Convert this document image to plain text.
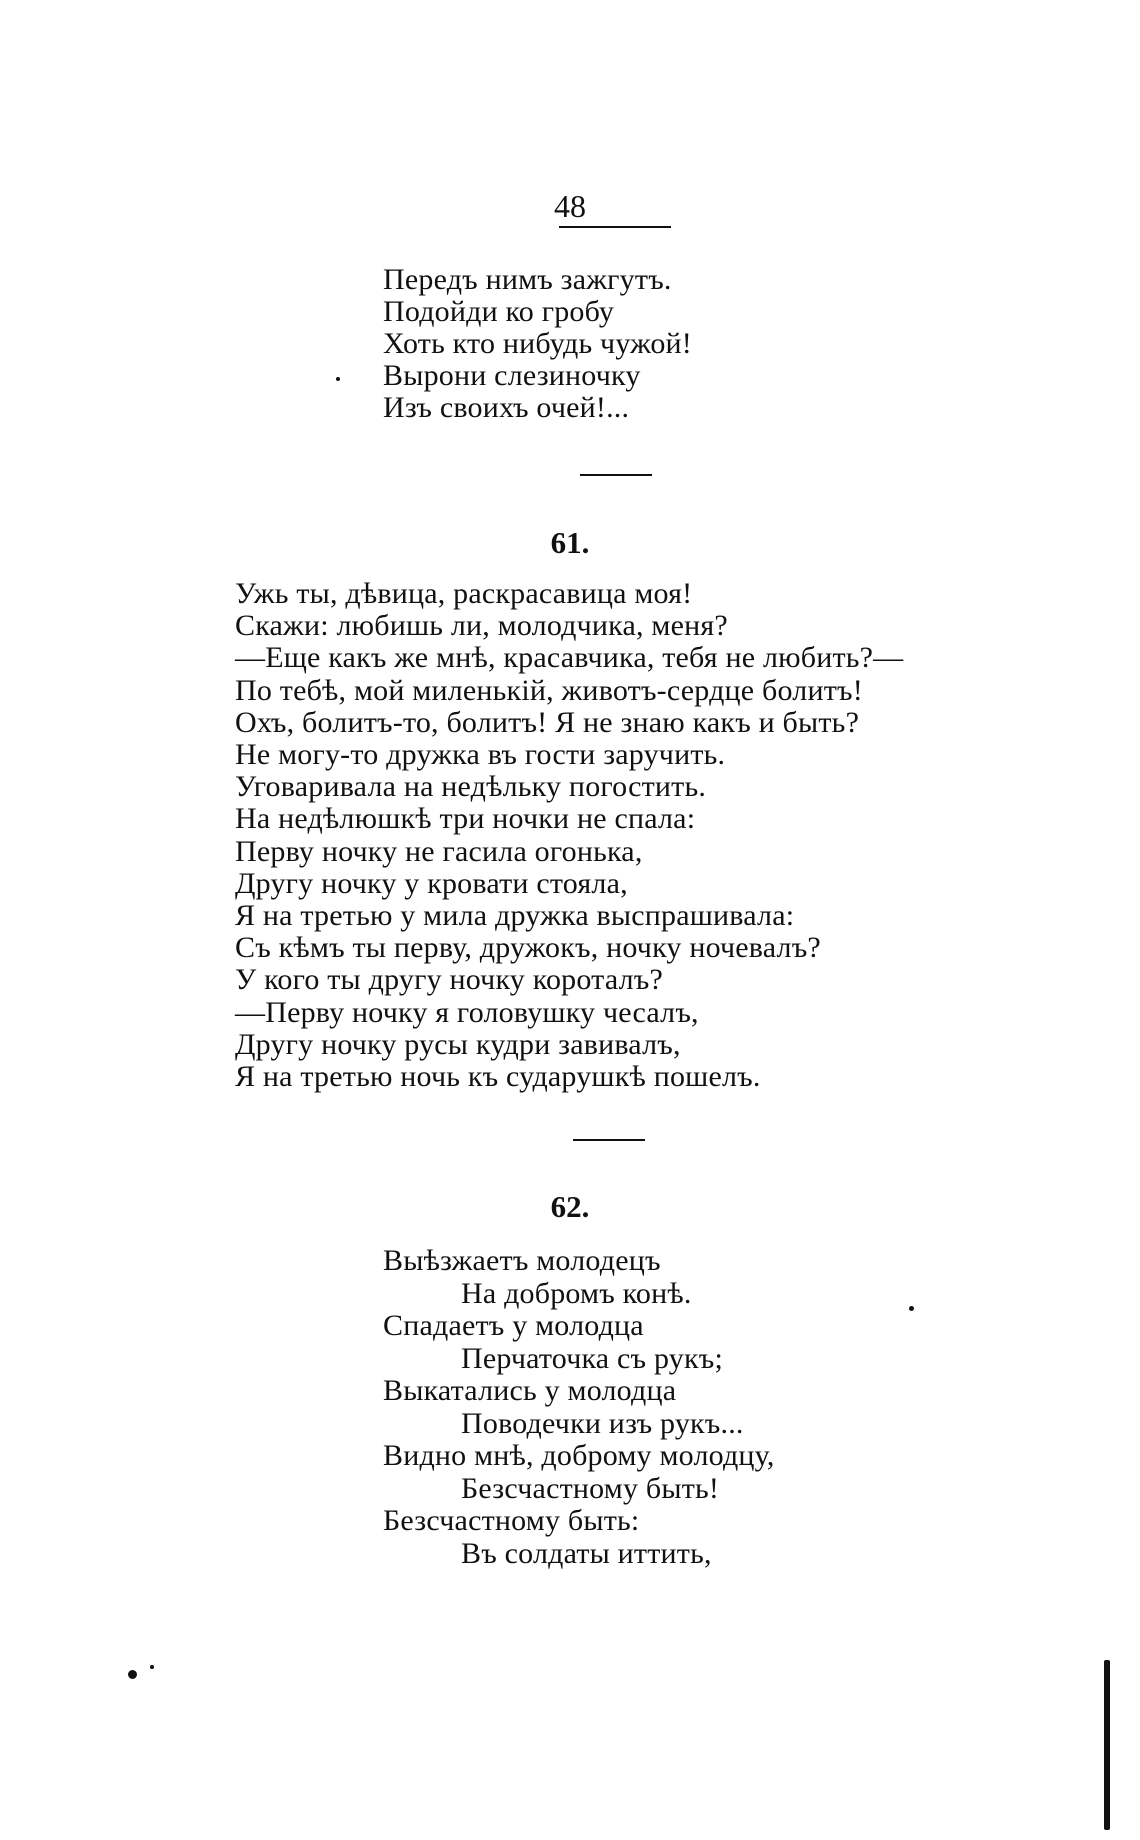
48
Передъ нимъ зажгутъ.
Подойди ко гробу
Хоть кто нибудь чужой!
Вырони слезиночку
Изъ своихъ очей!...
61.
Ужь ты, дѣвица, раскрасавица моя!
Скажи: любишь ли, молодчика, меня?
—Еще какъ же мнѣ, красавчика, тебя не любить?—
По тебѣ, мой миленькій, животъ-сердце болитъ!
Охъ, болитъ-то, болитъ! Я не знаю какъ и быть?
Не могу-то дружка въ гости заручить.
Уговаривала на недѣльку погостить.
На недѣлюшкѣ три ночки не спала:
Перву ночку не гасила огонька,
Другу ночку у кровати стояла,
Я на третью у мила дружка выспрашивала:
Съ кѣмъ ты перву, дружокъ, ночку ночевалъ?
У кого ты другу ночку короталъ?
—Перву ночку я головушку чесалъ,
Другу ночку русы кудри завивалъ,
Я на третью ночь къ сударушкѣ пошелъ.
62.
Выѣзжаетъ молодецъ
На добромъ конѣ.
Спадаетъ у молодца
Перчаточка съ рукъ;
Выкатались у молодца
Поводечки изъ рукъ...
Видно мнѣ, доброму молодцу,
Безсчастному быть!
Безсчастному быть:
Въ солдаты иттить,
